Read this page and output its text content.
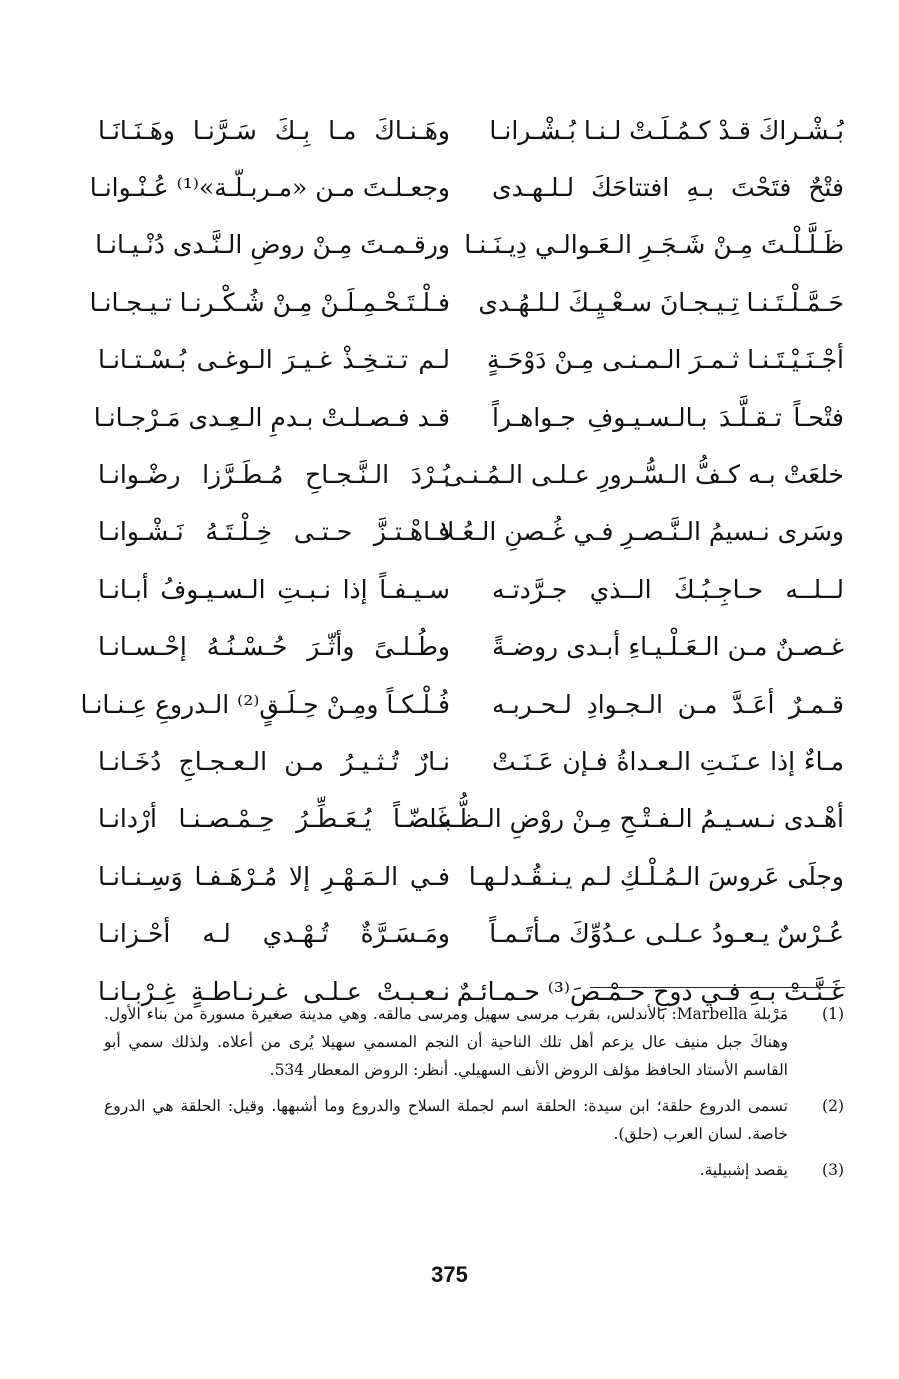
بُـشْـراكَ قـدْ كـمُـلَـتْ لـنـا بُـشْـرانـا
وهَـنـاكَ مـا بِـكَ سَـرَّنـا وهَـنَـانَـا
فتْحٌ فتَحْتَ بـهِ افتتاحَكَ لـلـهـدى
وجعـلـتَ مـن «مـربـلّـة»⁽¹⁾ عُـنْـوانـا
ظَـلَّـلْـتَ مِـنْ شَـجَـرِ الـعَـوالـي دِيـنَـنـا
ورقـمـتَ مِـنْ روضِ الـنَّـدى دُنْـيـانـا
حَـمَّـلْـتَـنـا تِـيـجـانَ سـعْـيِـكَ لـلـهُـدى
فـلْـتَـحْـمِـلَـنْ مِـنْ شُـكْـرنـا تـيـجـانـا
أجْـنَـيْـتَـنـا ثـمـرَ الـمـنـى مِـنْ دَوْحَـةٍ
لـم تـتـخِـذْ غـيـرَ الـوغـى بُـسْـتـانـا
فتْحـاً تـقـلَّـدَ بـالـسـيـوفِ جـواهـراً
قـد فـصـلـتْ بـدمِ الـعِـدى مَـرْجـانـا
خلعَتْ بـه كـفُّ الـسُّـرورِ عـلـى الـمُـنـى
بُـرْدَ الـنَّـجـاحِ مُـطَـرَّزا رضْـوانـا
وسَرى نـسيمُ الـنَّـصـرِ فـي غُـصنِ الـعُـلا
فـاهْـتـزَّ حـتـى خِـلْـتَـهُ نَـشْـوانـا
لــلــه حـاجِـبُـكَ الــذي جـرَّدتـه
سـيـفـاً إذا نـبـتِ الـسـيـوفُ أبـانـا
غـصـنٌ مـن الـعَـلْـيـاءِ أبـدى روضـةً
وطُـلـىً وأثّـرَ حُـسْـنُـهُ إحْـسـانـا
قـمـرٌ أعَـدَّ مـن الـجـوادِ لـحـربـه
فُـلْـكـاً ومِـنْ حِـلَـقٍ⁽²⁾ الـدروعِ عِـنـانـا
مـاءٌ إذا عـنَـتِ الـعـداةُ فـإن عَـنَـتْ
نـارٌ تُـثـيـرُ مـن الـعـجـاجِ دُخَـانـا
أهْـدى نـسـيـمُ الـفـتْـحِ مِـنْ روْضِ الـظُّـبـا
غَـضّـاً يُـعَـطِّـرُ حِـمْـصـنـا أرْدانـا
وجلَى عَروسَ الـمُـلْـكِ لـم يـنـقُـدلـهـا
فـي الـمَـهْـرِ إلا مُـرْهَـفـا وَسِـنـانـا
عُـرْسٌ يـعـودُ عـلـى عـدُوِّكَ مـأتَـمـاً
ومَـسَـرَّةٌ تُـهْـدي لـه أحْـزانـا
غَـنَّـتْ بـهِ فـي دوحِ حـمْـصَ⁽³⁾ حـمـائـمٌ
نـعـبـتْ عـلـى غـرنـاطـةٍ غِـرْبـانـا
(1)
مَرْبلة Marbella: بالأندلس، بقرب مرسى سهيل ومرسى مالقه. وهي مدينة صغيرة مسورة من بناء الأول. وهناكَ جبل منيف عال يزعم أهل تلك الناحية أن النجم المسمي سهيلا يُرى من أعلاه. ولذلك سمي أبو القاسم الأستاد الحافظ مؤلف الروض الأنف السهيلي. أنظر: الروض المعطار 534.
(2)
تسمى الدروع حلقة؛ ابن سيدة: الحلقة اسم لجملة السلاح والدروع وما أشبهها. وقيل: الحلقة هي الدروع خاصة. لسان العرب (حلق).
(3)
يقصد إشبيلية.
375
